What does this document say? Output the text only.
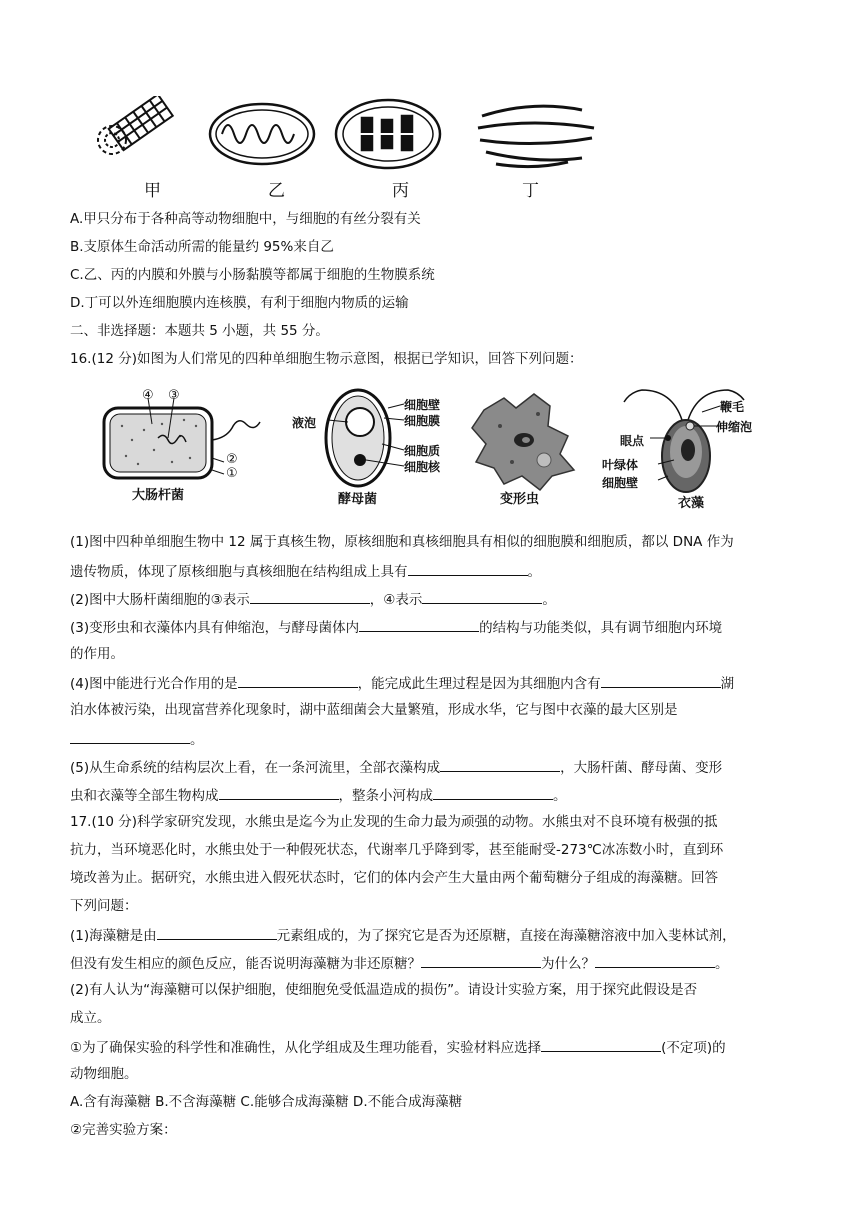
甲	乙	丙	丁
A.甲只分布于各种高等动物细胞中，与细胞的有丝分裂有关
B.支原体生命活动所需的能量约 95%来自乙
C.乙、丙的内膜和外膜与小肠黏膜等都属于细胞的生物膜系统
D.丁可以外连细胞膜内连核膜，有利于细胞内物质的运输
二、非选择题：本题共 5 小题，共 55 分。
16.(12 分)如图为人们常见的四种单细胞生物示意图，根据已学知识，回答下列问题：
④ ③
②
①
大肠杆菌
液泡
细胞壁
细胞膜
细胞质
细胞核
酵母菌	变形虫
鞭毛
伸缩泡
眼点
叶绿体
细胞壁
衣藻
(1)图中四种单细胞生物中 12 属于真核生物，原核细胞和真核细胞具有相似的细胞膜和细胞质，都以 DNA 作为
遗传物质，体现了原核细胞与真核细胞在结构组成上具有	。
(2)图中大肠杆菌细胞的③表示	，④表示	。
(3)变形虫和衣藻体内具有伸缩泡，与酵母菌体内	的结构与功能类似，具有调节细胞内环境
的作用。
(4)图中能进行光合作用的是	，能完成此生理过程是因为其细胞内含有	湖
泊水体被污染，出现富营养化现象时，湖中蓝细菌会大量繁殖，形成水华，它与图中衣藻的最大区别是
。
(5)从生命系统的结构层次上看，在一条河流里，全部衣藻构成	，大肠杆菌、酵母菌、变形
虫和衣藻等全部生物构成	，整条小河构成	。
17.(10 分)科学家研究发现，水熊虫是迄今为止发现的生命力最为顽强的动物。水熊虫对不良环境有极强的抵
抗力，当环境恶化时，水熊虫处于一种假死状态，代谢率几乎降到零，甚至能耐受-273℃冰冻数小时，直到环
境改善为止。据研究，水熊虫进入假死状态时，它们的体内会产生大量由两个葡萄糖分子组成的海藻糖。回答
下列问题：
(1)海藻糖是由	元素组成的，为了探究它是否为还原糖，直接在海藻糖溶液中加入斐林试剂，
但没有发生相应的颜色反应，能否说明海藻糖为非还原糖？	为什么？	。
(2)有人认为“海藻糖可以保护细胞，使细胞免受低温造成的损伤”。请设计实验方案，用于探究此假设是否
成立。
①为了确保实验的科学性和准确性，从化学组成及生理功能看，实验材料应选择	(不定项)的
动物细胞。
A.含有海藻糖 B.不含海藻糖 C.能够合成海藻糖 D.不能合成海藻糖
②完善实验方案：
